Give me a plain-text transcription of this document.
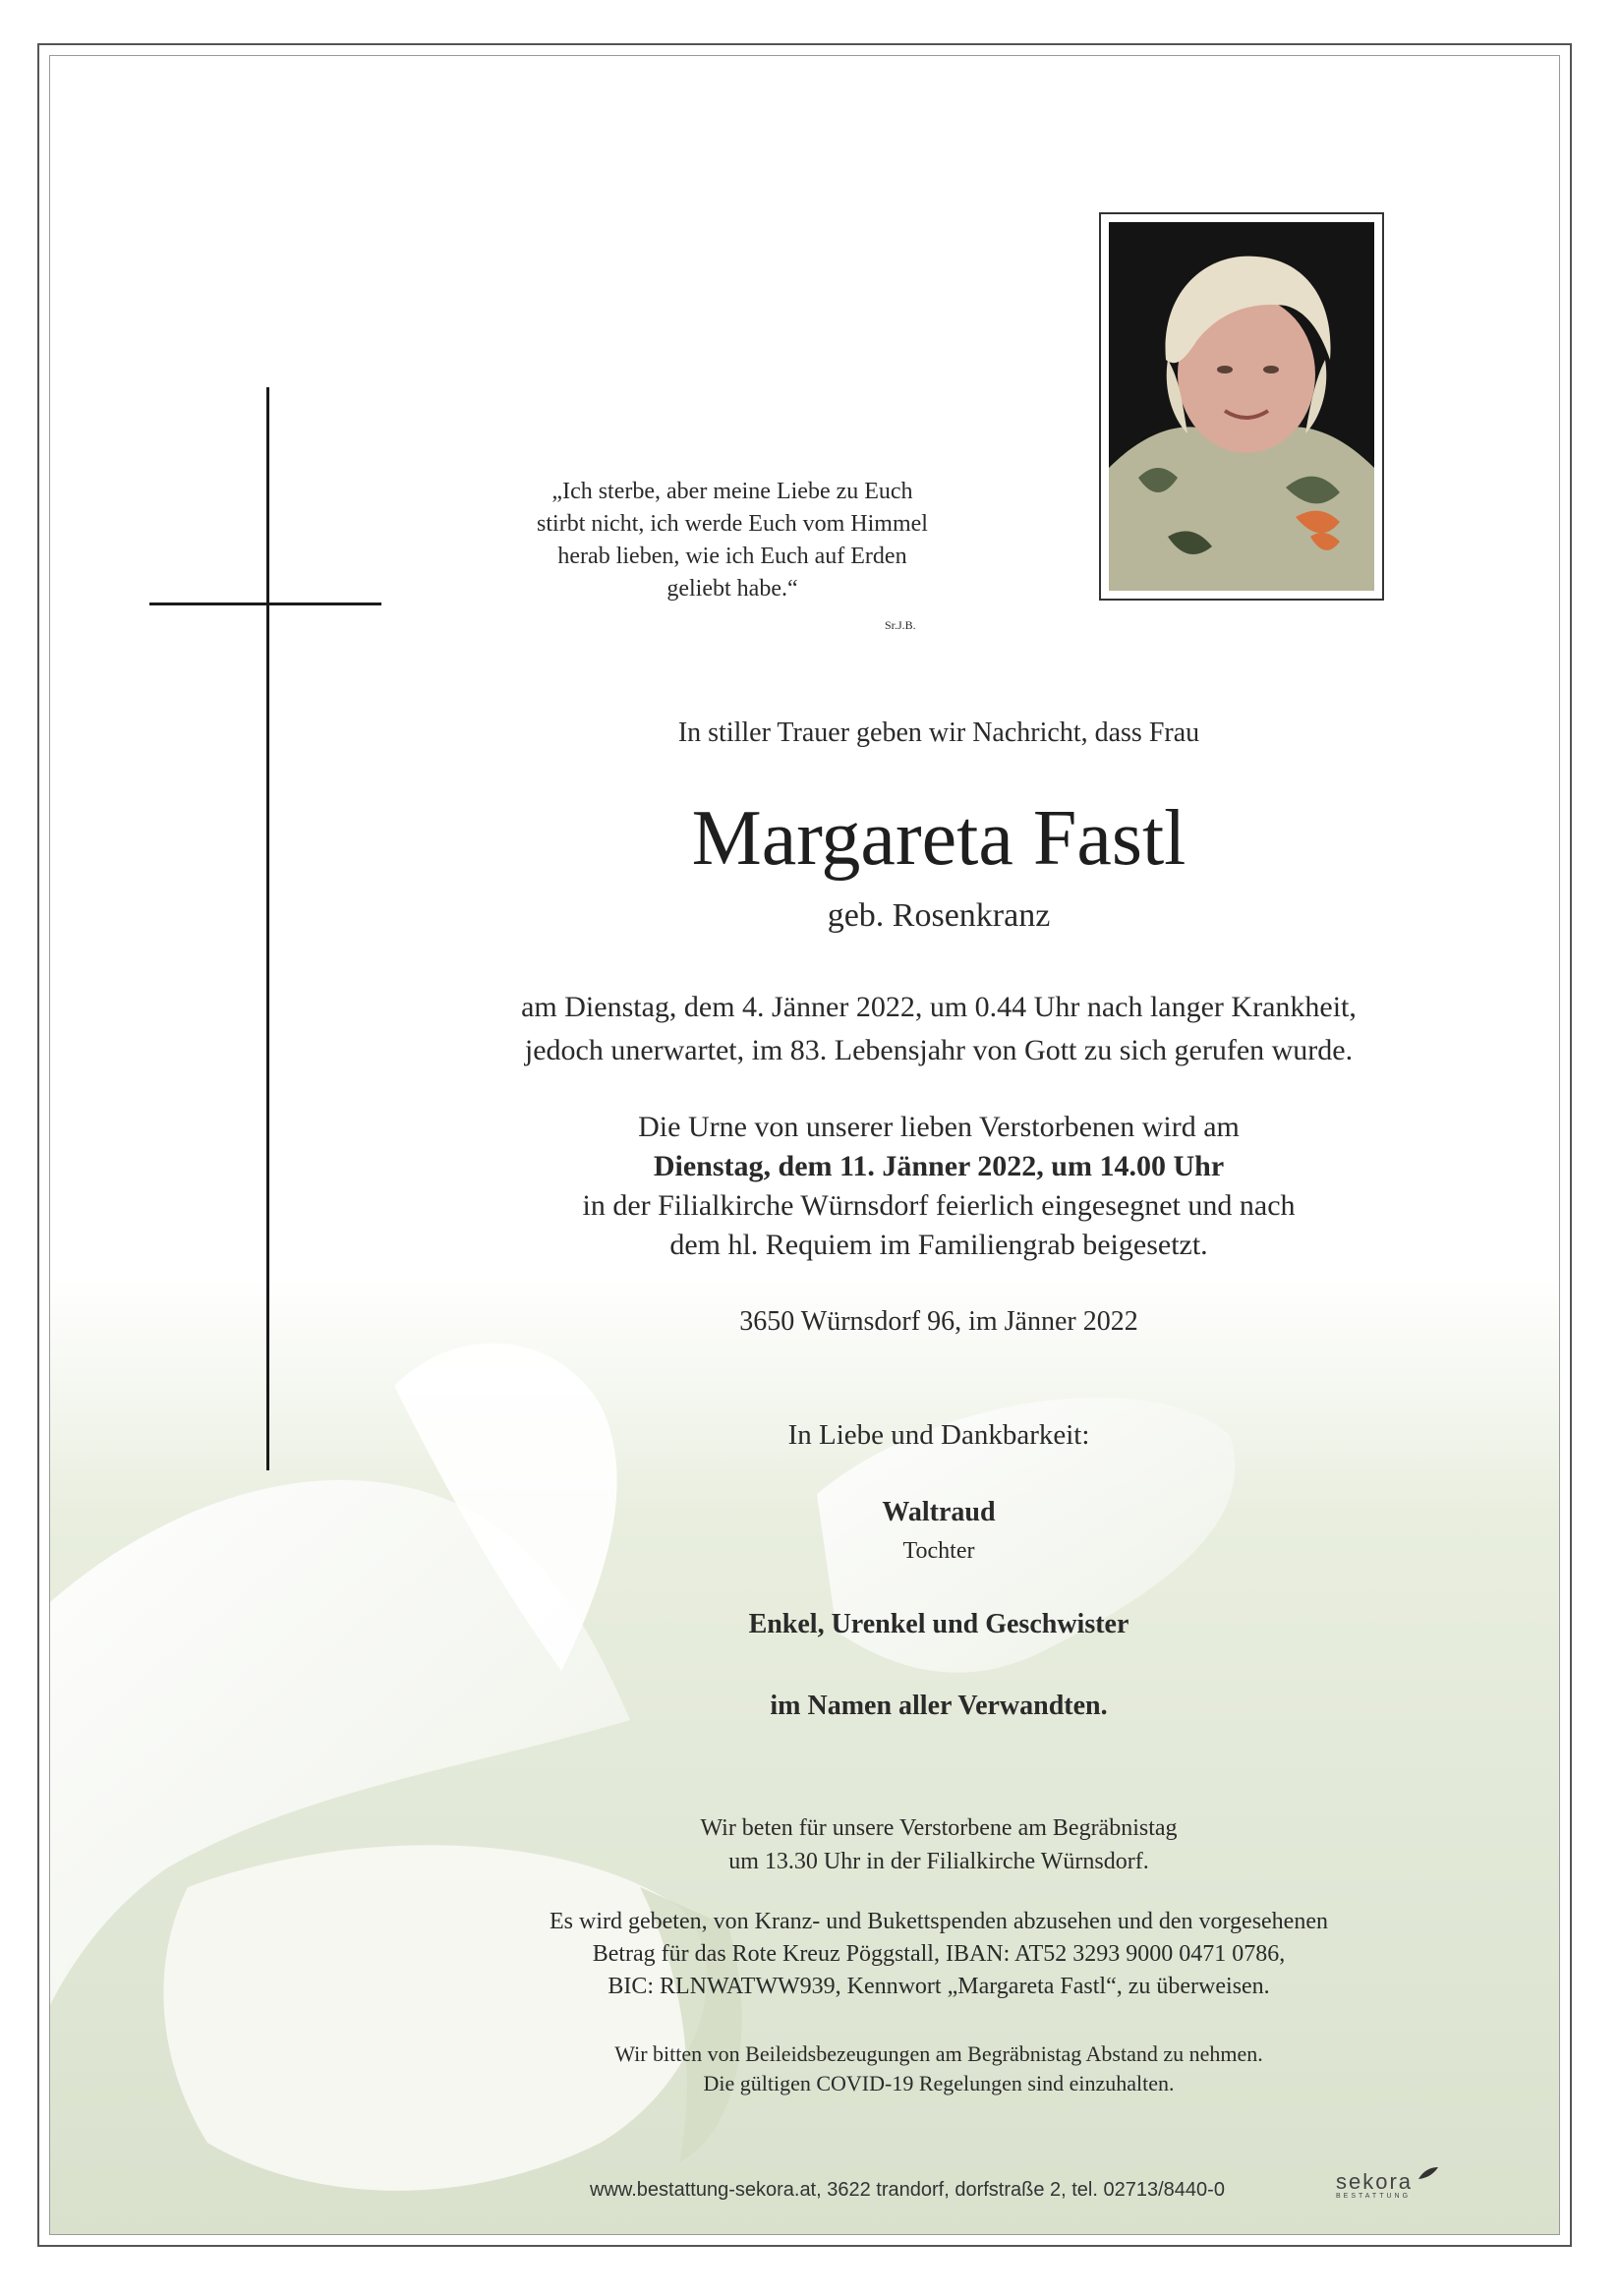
„Ich sterbe, aber meine Liebe zu Euch
stirbt nicht, ich werde Euch vom Himmel
herab lieben, wie ich Euch auf Erden
geliebt habe.“
Sr.J.B.
In stiller Trauer geben wir Nachricht, dass Frau
Margareta Fastl
geb. Rosenkranz
am Dienstag, dem 4. Jänner 2022, um 0.44 Uhr nach langer Krankheit,
jedoch unerwartet, im 83. Lebensjahr von Gott zu sich gerufen wurde.
Die Urne von unserer lieben Verstorbenen wird am
Dienstag, dem 11. Jänner 2022, um 14.00 Uhr
in der Filialkirche Würnsdorf feierlich eingesegnet und nach
dem hl. Requiem im Familiengrab beigesetzt.
3650 Würnsdorf 96, im Jänner 2022
In Liebe und Dankbarkeit:
Waltraud
Tochter
Enkel, Urenkel und Geschwister
im Namen aller Verwandten.
Wir beten für unsere Verstorbene am Begräbnistag
um 13.30 Uhr in der Filialkirche Würnsdorf.
Es wird gebeten, von Kranz- und Bukettspenden abzusehen und den vorgesehenen
Betrag für das Rote Kreuz Pöggstall, IBAN: AT52 3293 9000 0471 0786,
BIC: RLNWATWW939, Kennwort „Margareta Fastl“, zu überweisen.
Wir bitten von Beileidsbezeugungen am Begräbnistag Abstand zu nehmen.
Die gültigen COVID-19 Regelungen sind einzuhalten.
www.bestattung-sekora.at, 3622 trandorf, dorfstraße 2, tel. 02713/8440-0	sekora
BESTATTUNG
